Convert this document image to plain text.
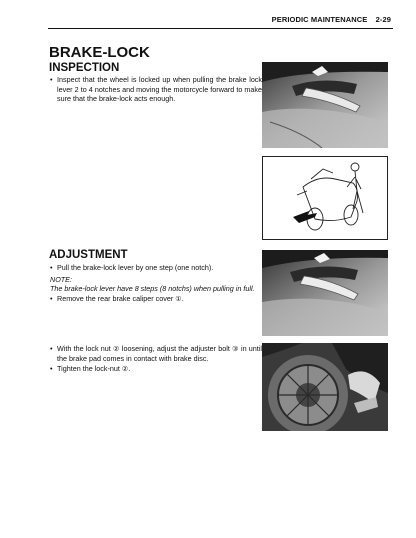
PERIODIC MAINTENANCE 2-29
BRAKE-LOCK
INSPECTION

• Inspect that the wheel is locked up when pulling the brake lock lever 2 to 4 notches and moving the motorcycle forward to make sure that the brake-lock acts enough.

ADJUSTMENT

• Pull the brake-lock lever by one step (one notch).

NOTE:

The brake-lock lever have 8 steps (8 notchs) when pulling in full.

• Remove the rear brake caliper cover ①.

• With the lock nut ② loosening, adjust the adjuster bolt ③ in until the brake pad comes in contact with brake disc.

• Tighten the lock-nut ②.
